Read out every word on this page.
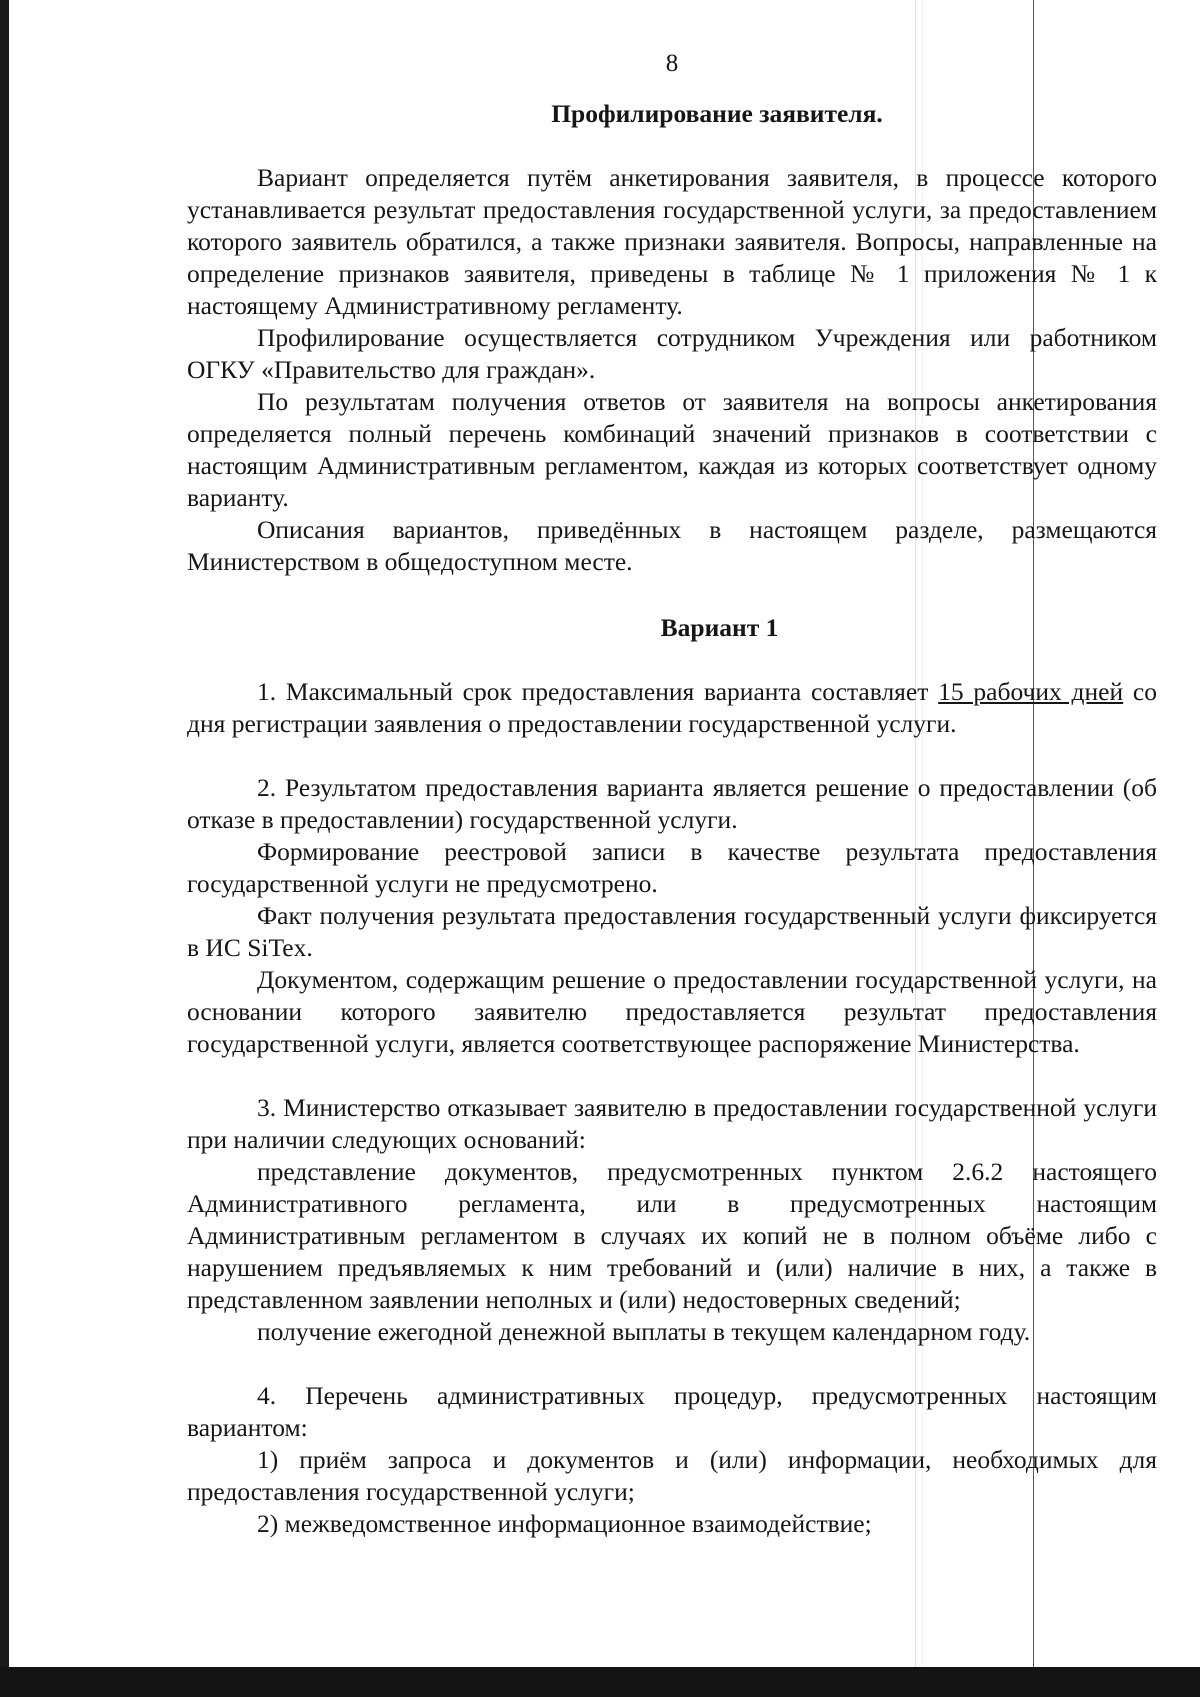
8
Профилирование заявителя.

Вариант определяется путём анкетирования заявителя, в процессе которого устанавливается результат предоставления государственной услуги, за предоставлением которого заявитель обратился, а также признаки заявителя. Вопросы, направленные на определение признаков заявителя, приведены в таблице № 1 приложения № 1 к настоящему Административному регламенту.

Профилирование осуществляется сотрудником Учреждения или работником ОГКУ «Правительство для граждан».

По результатам получения ответов от заявителя на вопросы анкетирования определяется полный перечень комбинаций значений признаков в соответствии с настоящим Административным регламентом, каждая из которых соответствует одному варианту.

Описания вариантов, приведённых в настоящем разделе, размещаются Министерством в общедоступном месте.

Вариант 1

1. Максимальный срок предоставления варианта составляет 15 рабочих дней со дня регистрации заявления о предоставлении государственной услуги.

2. Результатом предоставления варианта является решение о предоставлении (об отказе в предоставлении) государственной услуги.

Формирование реестровой записи в качестве результата предоставления государственной услуги не предусмотрено.

Факт получения результата предоставления государственный услуги фиксируется в ИС SiTex.

Документом, содержащим решение о предоставлении государственной услуги, на основании которого заявителю предоставляется результат предоставления государственной услуги, является соответствующее распоряжение Министерства.

3. Министерство отказывает заявителю в предоставлении государственной услуги при наличии следующих оснований:

представление документов, предусмотренных пунктом 2.6.2 настоящего Административного регламента, или в предусмотренных настоящим Административным регламентом в случаях их копий не в полном объёме либо с нарушением предъявляемых к ним требований и (или) наличие в них, а также в представленном заявлении неполных и (или) недостоверных сведений;

получение ежегодной денежной выплаты в текущем календарном году.

4. Перечень административных процедур, предусмотренных настоящим вариантом:

1) приём запроса и документов и (или) информации, необходимых для предоставления государственной услуги;

2) межведомственное информационное взаимодействие;
